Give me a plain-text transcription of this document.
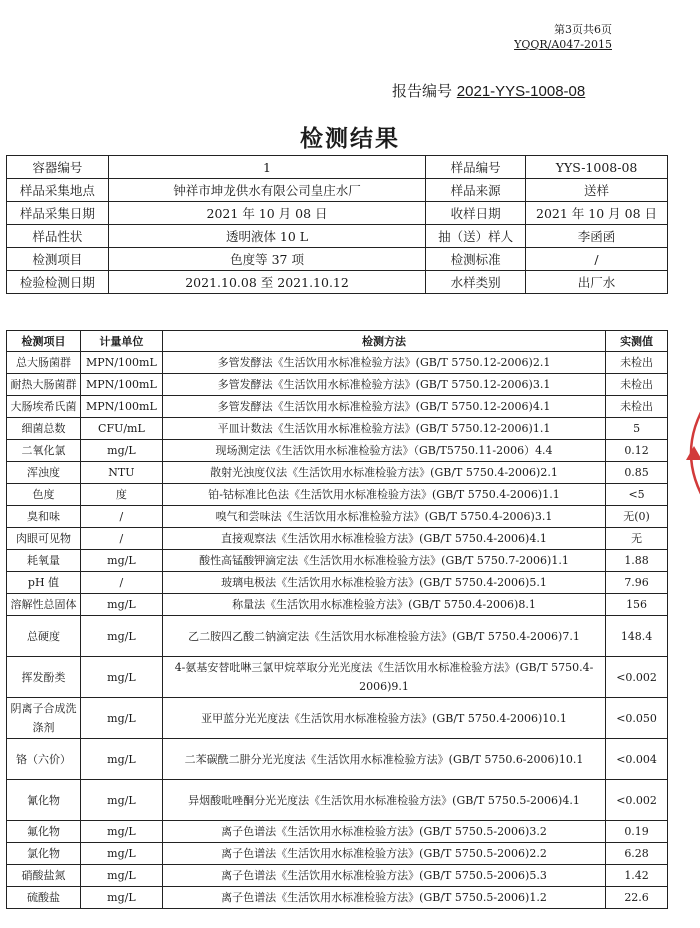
第3页共6页
YQQR/A047-2015
报告编号 2021-YYS-1008-08
检测结果
容器编号	1	样品编号	YYS-1008-08
样品采集地点	钟祥市坤龙供水有限公司皇庄水厂	样品来源	送样
样品采集日期	2021 年 10 月 08 日	收样日期	2021 年 10 月 08 日
样品性状	透明液体 10 L	抽（送）样人	李函函
检测项目	色度等 37 项	检测标准	/
检验检测日期	2021.10.08 至 2021.10.12	水样类别	出厂水
检测项目	计量单位	检测方法	实测值
总大肠菌群	MPN/100mL	多管发酵法《生活饮用水标准检验方法》(GB/T 5750.12-2006)2.1	未检出
耐热大肠菌群	MPN/100mL	多管发酵法《生活饮用水标准检验方法》(GB/T 5750.12-2006)3.1	未检出
大肠埃希氏菌	MPN/100mL	多管发酵法《生活饮用水标准检验方法》(GB/T 5750.12-2006)4.1	未检出
细菌总数	CFU/mL	平皿计数法《生活饮用水标准检验方法》(GB/T 5750.12-2006)1.1	5
二氧化氯	mg/L	现场测定法《生活饮用水标准检验方法》（GB/T5750.11-2006）4.4	0.12
浑浊度	NTU	散射光浊度仪法《生活饮用水标准检验方法》(GB/T 5750.4-2006)2.1	0.85
色度	度	铂-钴标准比色法《生活饮用水标准检验方法》(GB/T 5750.4-2006)1.1	<5
臭和味	/	嗅气和尝味法《生活饮用水标准检验方法》(GB/T 5750.4-2006)3.1	无(0)
肉眼可见物	/	直接观察法《生活饮用水标准检验方法》(GB/T 5750.4-2006)4.1	无
耗氧量	mg/L	酸性高锰酸钾滴定法《生活饮用水标准检验方法》(GB/T 5750.7-2006)1.1	1.88
pH 值	/	玻璃电极法《生活饮用水标准检验方法》(GB/T 5750.4-2006)5.1	7.96
溶解性总固体	mg/L	称量法《生活饮用水标准检验方法》(GB/T 5750.4-2006)8.1	156
总硬度	mg/L	乙二胺四乙酸二钠滴定法《生活饮用水标准检验方法》(GB/T 5750.4-2006)7.1	148.4
挥发酚类	mg/L	4-氨基安替吡啉三氯甲烷萃取分光光度法《生活饮用水标准检验方法》(GB/T 5750.4-2006)9.1	<0.002
阴离子合成洗涤剂	mg/L	亚甲蓝分光光度法《生活饮用水标准检验方法》(GB/T 5750.4-2006)10.1	<0.050
铬（六价）	mg/L	二苯碳酰二肼分光光度法《生活饮用水标准检验方法》(GB/T 5750.6-2006)10.1	<0.004
氰化物	mg/L	异烟酸吡唑酮分光光度法《生活饮用水标准检验方法》(GB/T 5750.5-2006)4.1	<0.002
氟化物	mg/L	离子色谱法《生活饮用水标准检验方法》(GB/T 5750.5-2006)3.2	0.19
氯化物	mg/L	离子色谱法《生活饮用水标准检验方法》(GB/T 5750.5-2006)2.2	6.28
硝酸盐氮	mg/L	离子色谱法《生活饮用水标准检验方法》(GB/T 5750.5-2006)5.3	1.42
硫酸盐	mg/L	离子色谱法《生活饮用水标准检验方法》(GB/T 5750.5-2006)1.2	22.6
